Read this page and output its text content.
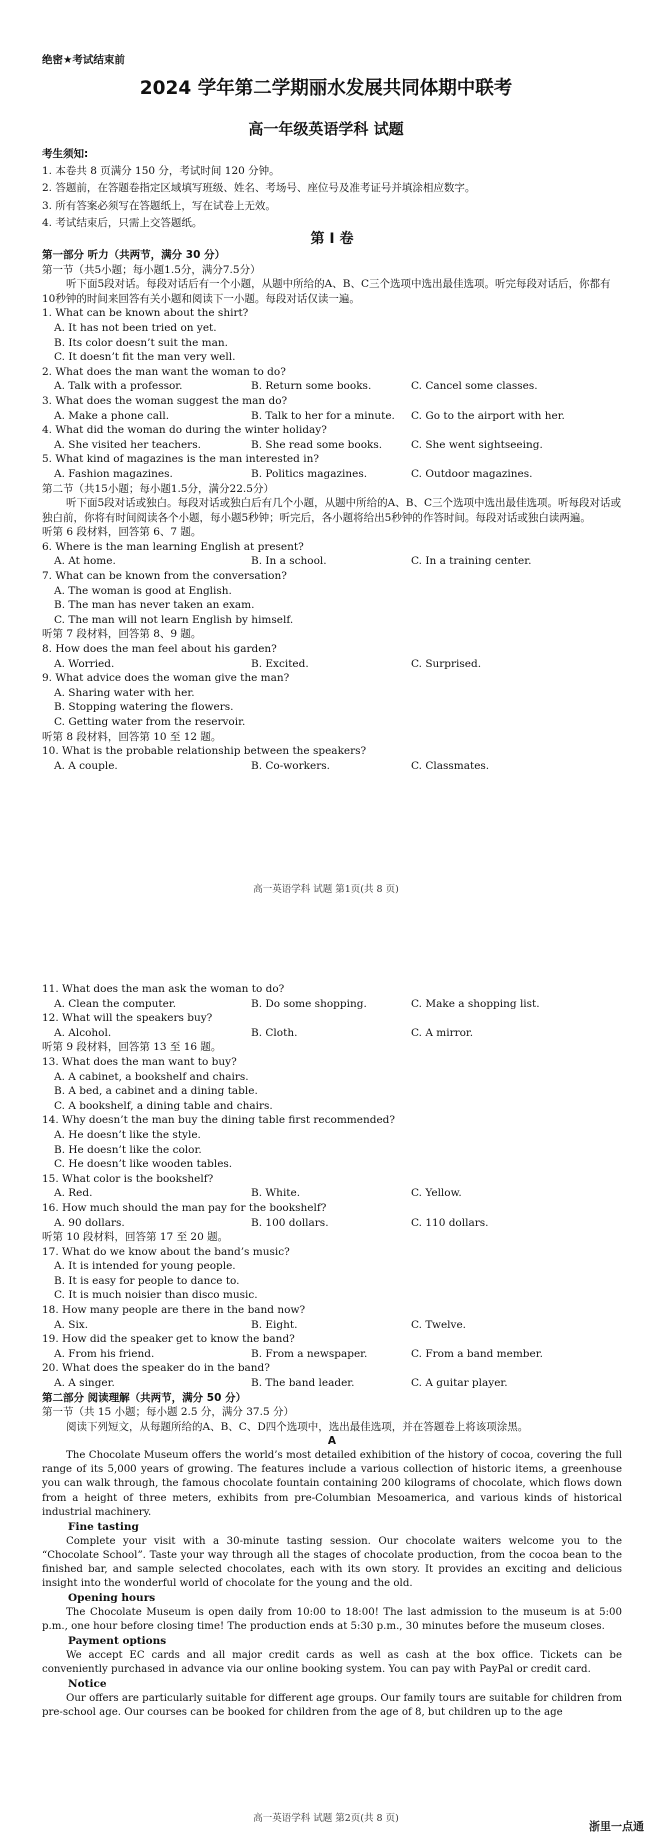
绝密★考试结束前
2024 学年第二学期丽水发展共同体期中联考
高一年级英语学科 试题
考生须知:
1. 本卷共 8 页满分 150 分，考试时间 120 分钟。
2. 答题前，在答题卷指定区域填写班级、姓名、考场号、座位号及准考证号并填涂相应数字。
3. 所有答案必须写在答题纸上，写在试卷上无效。
4. 考试结束后，只需上交答题纸。
第 I 卷
第一部分 听力（共两节，满分 30 分）
第一节（共5小题；每小题1.5分，满分7.5分）
听下面5段对话。每段对话后有一个小题，从题中所给的A、B、C三个选项中选出最佳选项。听完每段对话后，你都有10秒钟的时间来回答有关小题和阅读下一小题。每段对话仅读一遍。
1. What can be known about the shirt?
A. It has not been tried on yet.
B. Its color doesn’t suit the man.
C. It doesn’t fit the man very well.
2. What does the man want the woman to do?
A. Talk with a professor.	B. Return some books.	C. Cancel some classes.
3. What does the woman suggest the man do?
A. Make a phone call.	B. Talk to her for a minute.	C. Go to the airport with her.
4. What did the woman do during the winter holiday?
A. She visited her teachers.	B. She read some books.	C. She went sightseeing.
5. What kind of magazines is the man interested in?
A. Fashion magazines.	B. Politics magazines.	C. Outdoor magazines.
第二节（共15小题；每小题1.5分，满分22.5分）
听下面5段对话或独白。每段对话或独白后有几个小题，从题中所给的A、B、C三个选项中选出最佳选项。听每段对话或独白前，你将有时间阅读各个小题，每小题5秒钟；听完后，各小题将给出5秒钟的作答时间。每段对话或独白读两遍。
听第 6 段材料，回答第 6、7 题。
6. Where is the man learning English at present?
A. At home.	B. In a school.	C. In a training center.
7. What can be known from the conversation?
A. The woman is good at English.
B. The man has never taken an exam.
C. The man will not learn English by himself.
听第 7 段材料，回答第 8、9 题。
8. How does the man feel about his garden?
A. Worried.	B. Excited.	C. Surprised.
9. What advice does the woman give the man?
A. Sharing water with her.
B. Stopping watering the flowers.
C. Getting water from the reservoir.
听第 8 段材料，回答第 10 至 12 题。
10. What is the probable relationship between the speakers?
A. A couple.	B. Co-workers.	C. Classmates.
高一英语学科 试题 第1页(共 8 页)
11. What does the man ask the woman to do?
A. Clean the computer.	B. Do some shopping.	C. Make a shopping list.
12. What will the speakers buy?
A. Alcohol.	B. Cloth.	C. A mirror.
听第 9 段材料，回答第 13 至 16 题。
13. What does the man want to buy?
A. A cabinet, a bookshelf and chairs.
B. A bed, a cabinet and a dining table.
C. A bookshelf, a dining table and chairs.
14. Why doesn’t the man buy the dining table first recommended?
A. He doesn’t like the style.
B. He doesn’t like the color.
C. He doesn’t like wooden tables.
15. What color is the bookshelf?
A. Red.	B. White.	C. Yellow.
16. How much should the man pay for the bookshelf?
A. 90 dollars.	B. 100 dollars.	C. 110 dollars.
听第 10 段材料，回答第 17 至 20 题。
17. What do we know about the band’s music?
A. It is intended for young people.
B. It is easy for people to dance to.
C. It is much noisier than disco music.
18. How many people are there in the band now?
A. Six.	B. Eight.	C. Twelve.
19. How did the speaker get to know the band?
A. From his friend.	B. From a newspaper.	C. From a band member.
20. What does the speaker do in the band?
A. A singer.	B. The band leader.	C. A guitar player.
第二部分 阅读理解（共两节，满分 50 分）
第一节（共 15 小题；每小题 2.5 分，满分 37.5 分）
阅读下列短文，从每题所给的A、B、C、D四个选项中，选出最佳选项，并在答题卷上将该项涂黑。
A
The Chocolate Museum offers the world’s most detailed exhibition of the history of cocoa, covering the full range of its 5,000 years of growing. The features include a various collection of historic items, a greenhouse you can walk through, the famous chocolate fountain containing 200 kilograms of chocolate, which flows down from a height of three meters, exhibits from pre-Columbian Mesoamerica, and various kinds of historical industrial machinery.
Fine tasting
Complete your visit with a 30-minute tasting session. Our chocolate waiters welcome you to the “Chocolate School”. Taste your way through all the stages of chocolate production, from the cocoa bean to the finished bar, and sample selected chocolates, each with its own story. It provides an exciting and delicious insight into the wonderful world of chocolate for the young and the old.
Opening hours
The Chocolate Museum is open daily from 10:00 to 18:00! The last admission to the museum is at 5:00 p.m., one hour before closing time! The production ends at 5:30 p.m., 30 minutes before the museum closes.
Payment options
We accept EC cards and all major credit cards as well as cash at the box office. Tickets can be conveniently purchased in advance via our online booking system. You can pay with PayPal or credit card.
Notice
Our offers are particularly suitable for different age groups. Our family tours are suitable for children from pre-school age. Our courses can be booked for children from the age of 8, but children up to the age
高一英语学科 试题 第2页(共 8 页)
浙里一点通
